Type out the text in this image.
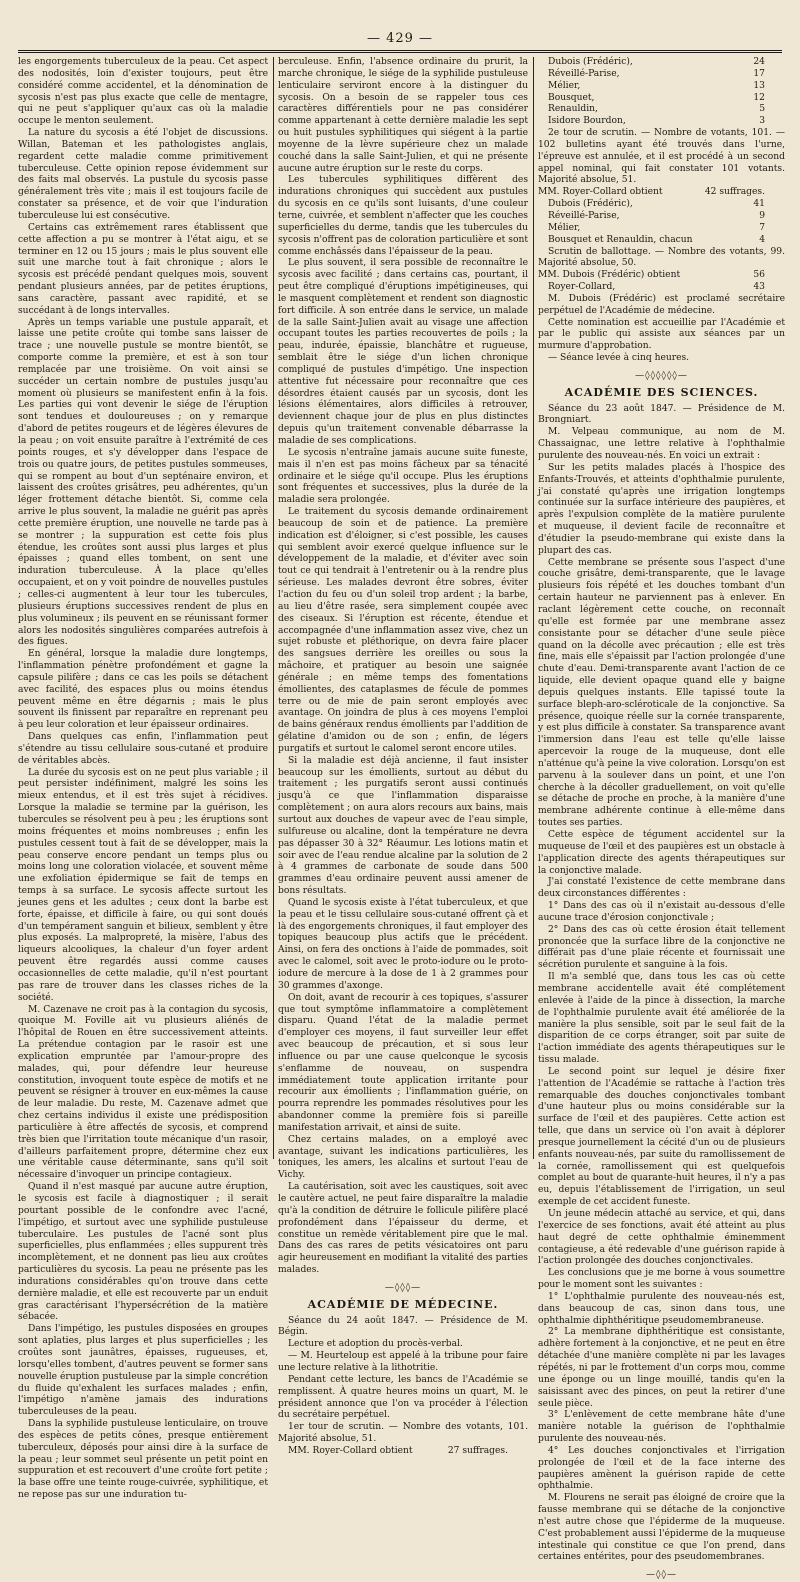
— 429 —

les engorgements tuberculeux de la peau. Cet aspect des nodosités, loin d'exister toujours, peut être considéré comme accidentel, et la dénomination de sycosis n'est pas plus exacte que celle de mentagre, qui ne peut s'appliquer qu'aux cas où la maladie occupe le menton seulement.

La nature du sycosis a été l'objet de discussions. Willan, Bateman et les pathologistes anglais, regardent cette maladie comme primitivement tuberculeuse. Cette opinion repose évidemment sur des faits mal observés. La pustule du sycosis passe généralement très vite ; mais il est toujours facile de constater sa présence, et de voir que l'induration tuberculeuse lui est consécutive.

Certains cas extrêmement rares établissent que cette affection a pu se montrer à l'état aigu, et se terminer en 12 ou 15 jours ; mais le plus souvent elle suit une marche tout à fait chronique ; alors le sycosis est précédé pendant quelques mois, souvent pendant plusieurs années, par de petites éruptions, sans caractère, passant avec rapidité, et se succédant à de longs intervalles.

Après un temps variable une pustule apparaît, et laisse une petite croûte qui tombe sans laisser de trace ; une nouvelle pustule se montre bientôt, se comporte comme la première, et est à son tour remplacée par une troisième. On voit ainsi se succéder un certain nombre de pustules jusqu'au moment où plusieurs se manifestent enfin à la fois. Les parties qui vont devenir le siége de l'éruption sont tendues et douloureuses ; on y remarque d'abord de petites rougeurs et de légères élevures de la peau ; on voit ensuite paraître à l'extrémité de ces points rouges, et s'y développer dans l'espace de trois ou quatre jours, de petites pustules sommeuses, qui se rompent au bout d'un septénaire environ, et laissent des croûtes grisâtres, peu adhérentes, qu'un léger frottement détache bientôt. Si, comme cela arrive le plus souvent, la maladie ne guérit pas après cette première éruption, une nouvelle ne tarde pas à se montrer ; la suppuration est cette fois plus étendue, les croûtes sont aussi plus larges et plus épaisses ; quand elles tombent, on sent une induration tuberculeuse. À la place qu'elles occupaient, et on y voit poindre de nouvelles pustules ; celles-ci augmentent à leur tour les tubercules, plusieurs éruptions successives rendent de plus en plus volumineux ; ils peuvent en se réunissant former alors les nodosités singulières comparées autrefois à des figues.

En général, lorsque la maladie dure longtemps, l'inflammation pénètre profondément et gagne la capsule pilifère ; dans ce cas les poils se détachent avec facilité, des espaces plus ou moins étendus peuvent même en être dégarnis ; mais le plus souvent ils finissent par reparaître en reprenant peu à peu leur coloration et leur épaisseur ordinaires.

Dans quelques cas enfin, l'inflammation peut s'étendre au tissu cellulaire sous-cutané et produire de véritables abcès.

La durée du sycosis est on ne peut plus variable ; il peut persister indéfiniment, malgré les soins les mieux entendus, et il est très sujet à récidives. Lorsque la maladie se termine par la guérison, les tubercules se résolvent peu à peu ; les éruptions sont moins fréquentes et moins nombreuses ; enfin les pustules cessent tout à fait de se développer, mais la peau conserve encore pendant un temps plus ou moins long une coloration violacée, et souvent même une exfoliation épidermique se fait de temps en temps à sa surface. Le sycosis affecte surtout les jeunes gens et les adultes ; ceux dont la barbe est forte, épaisse, et difficile à faire, ou qui sont doués d'un tempérament sanguin et bilieux, semblent y être plus exposés. La malpropreté, la misère, l'abus des liqueurs alcooliques, la chaleur d'un foyer ardent peuvent être regardés aussi comme causes occasionnelles de cette maladie, qu'il n'est pourtant pas rare de trouver dans les classes riches de la société.

M. Cazenave ne croit pas à la contagion du sycosis, quoique M. Foville ait vu plusieurs aliénés de l'hôpital de Rouen en être successivement atteints. La prétendue contagion par le rasoir est une explication empruntée par l'amour-propre des malades, qui, pour défendre leur heureuse constitution, invoquent toute espèce de motifs et ne peuvent se résigner à trouver en eux-mêmes la cause de leur maladie. Du reste, M. Cazenave admet que chez certains individus il existe une prédisposition particulière à être affectés de sycosis, et comprend très bien que l'irritation toute mécanique d'un rasoir, d'ailleurs parfaitement propre, détermine chez eux une véritable cause déterminante, sans qu'il soit nécessaire d'invoquer un principe contagieux.

Quand il n'est masqué par aucune autre éruption, le sycosis est facile à diagnostiquer ; il serait pourtant possible de le confondre avec l'acné, l'impétigo, et surtout avec une syphilide pustuleuse tuberculaire. Les pustules de l'acné sont plus superficielles, plus enflammées ; elles suppurent très incomplètement, et ne donnent pas lieu aux croûtes particulières du sycosis. La peau ne présente pas les indurations considérables qu'on trouve dans cette dernière maladie, et elle est recouverte par un enduit gras caractérisant l'hypersécrétion de la matière sébacée.

Dans l'impétigo, les pustules disposées en groupes sont aplaties, plus larges et plus superficielles ; les croûtes sont jaunâtres, épaisses, rugueuses, et, lorsqu'elles tombent, d'autres peuvent se former sans nouvelle éruption pustuleuse par la simple concrétion du fluide qu'exhalent les surfaces malades ; enfin, l'impétigo n'amène jamais des indurations tuberculeuses de la peau.

Dans la syphilide pustuleuse lenticulaire, on trouve des espèces de petits cônes, presque entièrement tuberculeux, déposés pour ainsi dire à la surface de la peau ; leur sommet seul présente un petit point en suppuration et est recouvert d'une croûte fort petite ; la base offre une teinte rouge-cuivrée, syphilitique, et ne repose pas sur une induration tu-

berculeuse. Enfin, l'absence ordinaire du prurit, la marche chronique, le siége de la syphilide pustuleuse lenticulaire serviront encore à la distinguer du sycosis. On a besoin de se rappeler tous ces caractères différentiels pour ne pas considérer comme appartenant à cette dernière maladie les sept ou huit pustules syphilitiques qui siégent à la partie moyenne de la lèvre supérieure chez un malade couché dans la salle Saint-Julien, et qui ne présente aucune autre éruption sur le reste du corps.

Les tubercules syphilitiques diffèrent des indurations chroniques qui succèdent aux pustules du sycosis en ce qu'ils sont luisants, d'une couleur terne, cuivrée, et semblent n'affecter que les couches superficielles du derme, tandis que les tubercules du sycosis n'offrent pas de coloration particulière et sont comme enchâssés dans l'épaisseur de la peau.

Le plus souvent, il sera possible de reconnaître le sycosis avec facilité ; dans certains cas, pourtant, il peut être compliqué d'éruptions impétigineuses, qui le masquent complètement et rendent son diagnostic fort difficile. À son entrée dans le service, un malade de la salle Saint-Julien avait au visage une affection occupant toutes les parties recouvertes de poils ; la peau, indurée, épaissie, blanchâtre et rugueuse, semblait être le siége d'un lichen chronique compliqué de pustules d'impétigo. Une inspection attentive fut nécessaire pour reconnaître que ces désordres étaient causés par un sycosis, dont les lésions élémentaires, alors difficiles à retrouver, deviennent chaque jour de plus en plus distinctes depuis qu'un traitement convenable débarrasse la maladie de ses complications.

Le sycosis n'entraîne jamais aucune suite funeste, mais il n'en est pas moins fâcheux par sa ténacité ordinaire et le siége qu'il occupe. Plus les éruptions sont fréquentes et successives, plus la durée de la maladie sera prolongée.

Le traitement du sycosis demande ordinairement beaucoup de soin et de patience. La première indication est d'éloigner, si c'est possible, les causes qui semblent avoir exercé quelque influence sur le développement de la maladie, et d'éviter avec soin tout ce qui tendrait à l'entretenir ou à la rendre plus sérieuse. Les malades devront être sobres, éviter l'action du feu ou d'un soleil trop ardent ; la barbe, au lieu d'être rasée, sera simplement coupée avec des ciseaux. Si l'éruption est récente, étendue et accompagnée d'une inflammation assez vive, chez un sujet robuste et pléthorique, on devra faire placer des sangsues derrière les oreilles ou sous la mâchoire, et pratiquer au besoin une saignée générale ; en même temps des fomentations émollientes, des cataplasmes de fécule de pommes terre ou de mie de pain seront employés avec avantage. On joindra de plus à ces moyens l'emploi de bains généraux rendus émollients par l'addition de gélatine d'amidon ou de son ; enfin, de légers purgatifs et surtout le calomel seront encore utiles.

Si la maladie est déjà ancienne, il faut insister beaucoup sur les émollients, surtout au début du traitement ; les purgatifs seront aussi continués jusqu'à ce que l'inflammation disparaisse complètement ; on aura alors recours aux bains, mais surtout aux douches de vapeur avec de l'eau simple, sulfureuse ou alcaline, dont la température ne devra pas dépasser 30 à 32° Réaumur. Les lotions matin et soir avec de l'eau rendue alcaline par la solution de 2 à 4 grammes de carbonate de soude dans 500 grammes d'eau ordinaire peuvent aussi amener de bons résultats.

Quand le sycosis existe à l'état tuberculeux, et que la peau et le tissu cellulaire sous-cutané offrent çà et là des engorgements chroniques, il faut employer des topiques beaucoup plus actifs que le précédent. Ainsi, on fera des onctions à l'aide de pommades, soit avec le calomel, soit avec le proto-iodure ou le proto-iodure de mercure à la dose de 1 à 2 grammes pour 30 grammes d'axonge.

On doit, avant de recourir à ces topiques, s'assurer que tout symptôme inflammatoire a complètement disparu. Quand l'état de la maladie permet d'employer ces moyens, il faut surveiller leur effet avec beaucoup de précaution, et si sous leur influence ou par une cause quelconque le sycosis s'enflamme de nouveau, on suspendra immédiatement toute application irritante pour recourir aux émollients ; l'inflammation guérie, on pourra reprendre les pommades résolutives pour les abandonner comme la première fois si pareille manifestation arrivait, et ainsi de suite.

Chez certains malades, on a employé avec avantage, suivant les indications particulières, les toniques, les amers, les alcalins et surtout l'eau de Vichy.

La cautérisation, soit avec les caustiques, soit avec le cautère actuel, ne peut faire disparaître la maladie qu'à la condition de détruire le follicule pilifère placé profondément dans l'épaisseur du derme, et constitue un remède véritablement pire que le mal. Dans des cas rares de petits vésicatoires ont paru agir heureusement en modifiant la vitalité des parties malades.

—◊◊◊—
ACADÉMIE DE MÉDECINE.

Séance du 24 août 1847. — Présidence de M. Bégin.

Lecture et adoption du procès-verbal.

— M. Heurteloup est appelé à la tribune pour faire une lecture relative à la lithotritie.

Pendant cette lecture, les bancs de l'Académie se remplissent. À quatre heures moins un quart, M. le président annonce que l'on va procéder à l'élection du secrétaire perpétuel.

1er tour de scrutin. — Nombre des votants, 101. Majorité absolue, 51.

MM. Royer-Collard obtient	27 suffrages.
Dubois (Frédéric),	24
Réveillé-Parise,	17
Mélier,	13
Bousquet,	12
Renauldin,	5
Isidore Bourdon,	3

2e tour de scrutin. — Nombre de votants, 101. — 102 bulletins ayant été trouvés dans l'urne, l'épreuve est annulée, et il est procédé à un second appel nominal, qui fait constater 101 votants. Majorité absolue, 51.

MM. Royer-Collard obtient	42 suffrages.
Dubois (Frédéric),	41
Réveillé-Parise,	9
Mélier,	7
Bousquet et Renauldin, chacun	4

Scrutin de ballottage. — Nombre des votants, 99. Majorité absolue, 50.

MM. Dubois (Frédéric) obtient	56
Royer-Collard,	43

M. Dubois (Frédéric) est proclamé secrétaire perpétuel de l'Académie de médecine.

Cette nomination est accueillie par l'Académie et par le public qui assiste aux séances par un murmure d'approbation.

— Séance levée à cinq heures.

—◊◊◊◊◊◊—
ACADÉMIE DES SCIENCES.

Séance du 23 août 1847. — Présidence de M. Brongniart.

M. Velpeau communique, au nom de M. Chassaignac, une lettre relative à l'ophthalmie purulente des nouveau-nés. En voici un extrait :

Sur les petits malades placés à l'hospice des Enfants-Trouvés, et atteints d'ophthalmie purulente, j'ai constaté qu'après une irrigation longtemps continuée sur la surface intérieure des paupières, et après l'expulsion complète de la matière purulente et muqueuse, il devient facile de reconnaître et d'étudier la pseudo-membrane qui existe dans la plupart des cas.

Cette membrane se présente sous l'aspect d'une couche grisâtre, demi-transparente, que le lavage plusieurs fois répété et les douches tombant d'un certain hauteur ne parviennent pas à enlever. En raclant légèrement cette couche, on reconnaît qu'elle est formée par une membrane assez consistante pour se détacher d'une seule pièce quand on la décolle avec précaution ; elle est très fine, mais elle s'épaissit par l'action prolongée d'une chute d'eau. Demi-transparente avant l'action de ce liquide, elle devient opaque quand elle y baigne depuis quelques instants. Elle tapissé toute la surface bleph-aro-scléroticale de la conjonctive. Sa présence, quoique réelle sur la cornée transparente, y est plus difficile à constater. Sa transparence avant l'immersion dans l'eau est telle qu'elle laisse apercevoir la rouge de la muqueuse, dont elle n'atténue qu'à peine la vive coloration. Lorsqu'on est parvenu à la soulever dans un point, et une l'on cherche à la décoller graduellement, on voit qu'elle se détache de proche en proche, à la manière d'une membrane adhérente continue à elle-même dans toutes ses parties.

Cette espèce de tégument accidentel sur la muqueuse de l'œil et des paupières est un obstacle à l'application directe des agents thérapeutiques sur la conjonctive malade.

J'ai constaté l'existence de cette membrane dans deux circonstances différentes :

1° Dans des cas où il n'existait au-dessous d'elle aucune trace d'érosion conjonctivale ;

2° Dans des cas où cette érosion était tellement prononcée que la surface libre de la conjonctive ne différait pas d'une plaie récente et fournissait une sécrétion purulente et sanguine à la fois.

Il m'a semblé que, dans tous les cas où cette membrane accidentelle avait été complétement enlevée à l'aide de la pince à dissection, la marche de l'ophthalmie purulente avait été améliorée de la manière la plus sensible, soit par le seul fait de la disparition de ce corps étranger, soit par suite de l'action immédiate des agents thérapeutiques sur le tissu malade.

Le second point sur lequel je désire fixer l'attention de l'Académie se rattache à l'action très remarquable des douches conjonctivales tombant d'une hauteur plus ou moins considérable sur la surface de l'œil et des paupières. Cette action est telle, que dans un service où l'on avait à déplorer presque journellement la cécité d'un ou de plusieurs enfants nouveau-nés, par suite du ramollissement de la cornée, ramollissement qui est quelquefois complet au bout de quarante-huit heures, il n'y a pas eu, depuis l'établissement de l'irrigation, un seul exemple de cet accident funeste.

Un jeune médecin attaché au service, et qui, dans l'exercice de ses fonctions, avait été atteint au plus haut degré de cette ophthalmie éminemment contagieuse, a été redevable d'une guérison rapide à l'action prolongée des douches conjonctivales.

Les conclusions que je me borne à vous soumettre pour le moment sont les suivantes :

1° L'ophthalmie purulente des nouveau-nés est, dans beaucoup de cas, sinon dans tous, une ophthalmie diphthéritique pseudomembraneuse.

2° La membrane diphthéritique est consistante, adhère fortement à la conjonctive, et ne peut en être détachée d'une manière complète ni par les lavages répétés, ni par le frottement d'un corps mou, comme une éponge ou un linge mouillé, tandis qu'en la saisissant avec des pinces, on peut la retirer d'une seule pièce.

3° L'enlèvement de cette membrane hâte d'une manière notable la guérison de l'ophthalmie purulente des nouveau-nés.

4° Les douches conjonctivales et l'irrigation prolongée de l'œil et de la face interne des paupières amènent la guérison rapide de cette ophthalmie.

M. Flourens ne serait pas éloigné de croire que la fausse membrane qui se détache de la conjonctive n'est autre chose que l'épiderme de la muqueuse. C'est probablement aussi l'épiderme de la muqueuse intestinale qui constitue ce que l'on prend, dans certaines entérites, pour des pseudomembranes.

—◊◊—
